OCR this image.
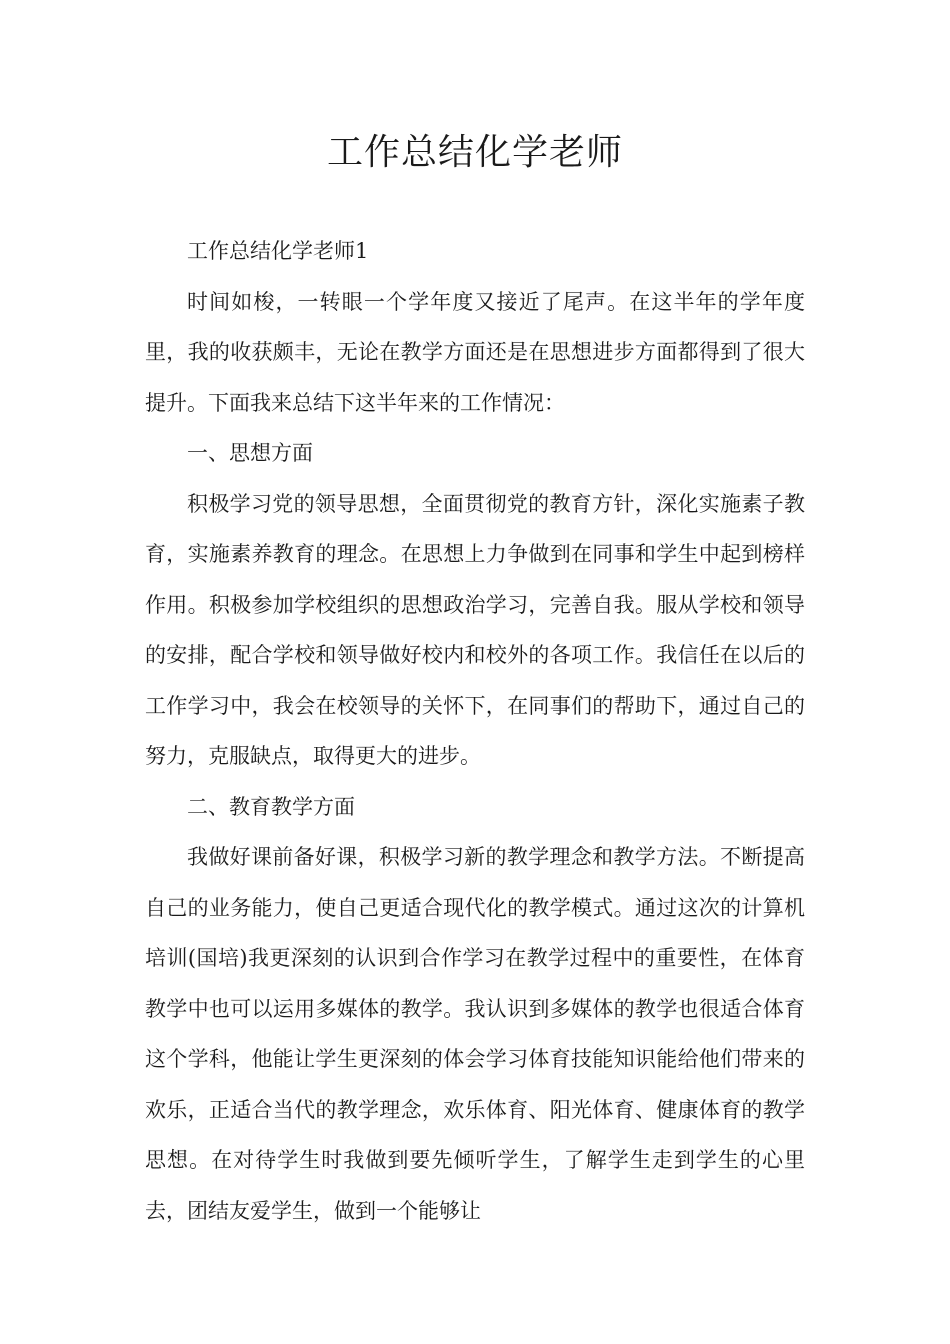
工作总结化学老师

工作总结化学老师1

时间如梭，一转眼一个学年度又接近了尾声。在这半年的学年度里，我的收获颇丰，无论在教学方面还是在思想进步方面都得到了很大提升。下面我来总结下这半年来的工作情况：

一、思想方面

积极学习党的领导思想，全面贯彻党的教育方针，深化实施素子教育，实施素养教育的理念。在思想上力争做到在同事和学生中起到榜样作用。积极参加学校组织的思想政治学习，完善自我。服从学校和领导的安排，配合学校和领导做好校内和校外的各项工作。我信任在以后的工作学习中，我会在校领导的关怀下，在同事们的帮助下，通过自己的努力，克服缺点，取得更大的进步。

二、教育教学方面

我做好课前备好课，积极学习新的教学理念和教学方法。不断提高自己的业务能力，使自己更适合现代化的教学模式。通过这次的计算机培训(国培)我更深刻的认识到合作学习在教学过程中的重要性，在体育教学中也可以运用多媒体的教学。我认识到多媒体的教学也很适合体育这个学科，他能让学生更深刻的体会学习体育技能知识能给他们带来的欢乐，正适合当代的教学理念，欢乐体育、阳光体育、健康体育的教学思想。在对待学生时我做到要先倾听学生，了解学生走到学生的心里去，团结友爱学生，做到一个能够让
